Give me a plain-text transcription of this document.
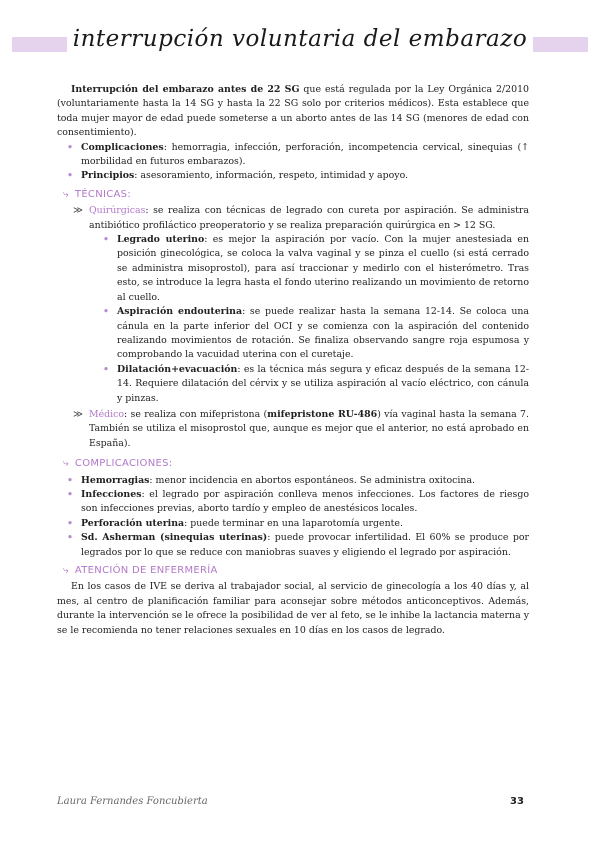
interrupción voluntaria del embarazo

Interrupción del embarazo antes de 22 SG que está regulada por la Ley Orgánica 2/2010 (voluntariamente hasta la 14 SG y hasta la 22 SG solo por criterios médicos). Esta establece que toda mujer mayor de edad puede someterse a un aborto antes de las 14 SG (menores de edad con consentimiento).

• Complicaciones: hemorragia, infección, perforación, incompetencia cervical, sinequias (↑ morbilidad en futuros embarazos).

• Principios: asesoramiento, información, respeto, intimidad y apoyo.

⤷ TÉCNICAS:
≫ Quirúrgicas: se realiza con técnicas de legrado con cureta por aspiración. Se administra antibiótico profiláctico preoperatorio y se realiza preparación quirúrgica en > 12 SG.

• Legrado uterino: es mejor la aspiración por vacío. Con la mujer anestesiada en posición ginecológica, se coloca la valva vaginal y se pinza el cuello (si está cerrado se administra misoprostol), para así traccionar y medirlo con el histerómetro. Tras esto, se introduce la legra hasta el fondo uterino realizando un movimiento de retorno al cuello.

• Aspiración endouterina: se puede realizar hasta la semana 12-14. Se coloca una cánula en la parte inferior del OCI y se comienza con la aspiración del contenido realizando movimientos de rotación. Se finaliza observando sangre roja espumosa y comprobando la vacuidad uterina con el curetaje.

• Dilatación+evacuación: es la técnica más segura y eficaz después de la semana 12-14. Requiere dilatación del cérvix y se utiliza aspiración al vacío eléctrico, con cánula y pinzas.

≫ Médico: se realiza con mifepristona (mifepristone RU-486) vía vaginal hasta la semana 7. También se utiliza el misoprostol que, aunque es mejor que el anterior, no está aprobado en España).

⤷ COMPLICACIONES:

• Hemorragias: menor incidencia en abortos espontáneos. Se administra oxitocina.

• Infecciones: el legrado por aspiración conlleva menos infecciones. Los factores de riesgo son infecciones previas, aborto tardío y empleo de anestésicos locales.

• Perforación uterina: puede terminar en una laparotomía urgente.

• Sd. Asherman (sinequias uterinas): puede provocar infertilidad. El 60% se produce por legrados por lo que se reduce con maniobras suaves y eligiendo el legrado por aspiración.

⤷ ATENCIÓN DE ENFERMERÍA

En los casos de IVE se deriva al trabajador social, al servicio de ginecología a los 40 días y, al mes, al centro de planificación familiar para aconsejar sobre métodos anticonceptivos. Además, durante la intervención se le ofrece la posibilidad de ver al feto, se le inhibe la lactancia materna y se le recomienda no tener relaciones sexuales en 10 días en los casos de legrado.

Laura Fernandes Foncubierta	33
